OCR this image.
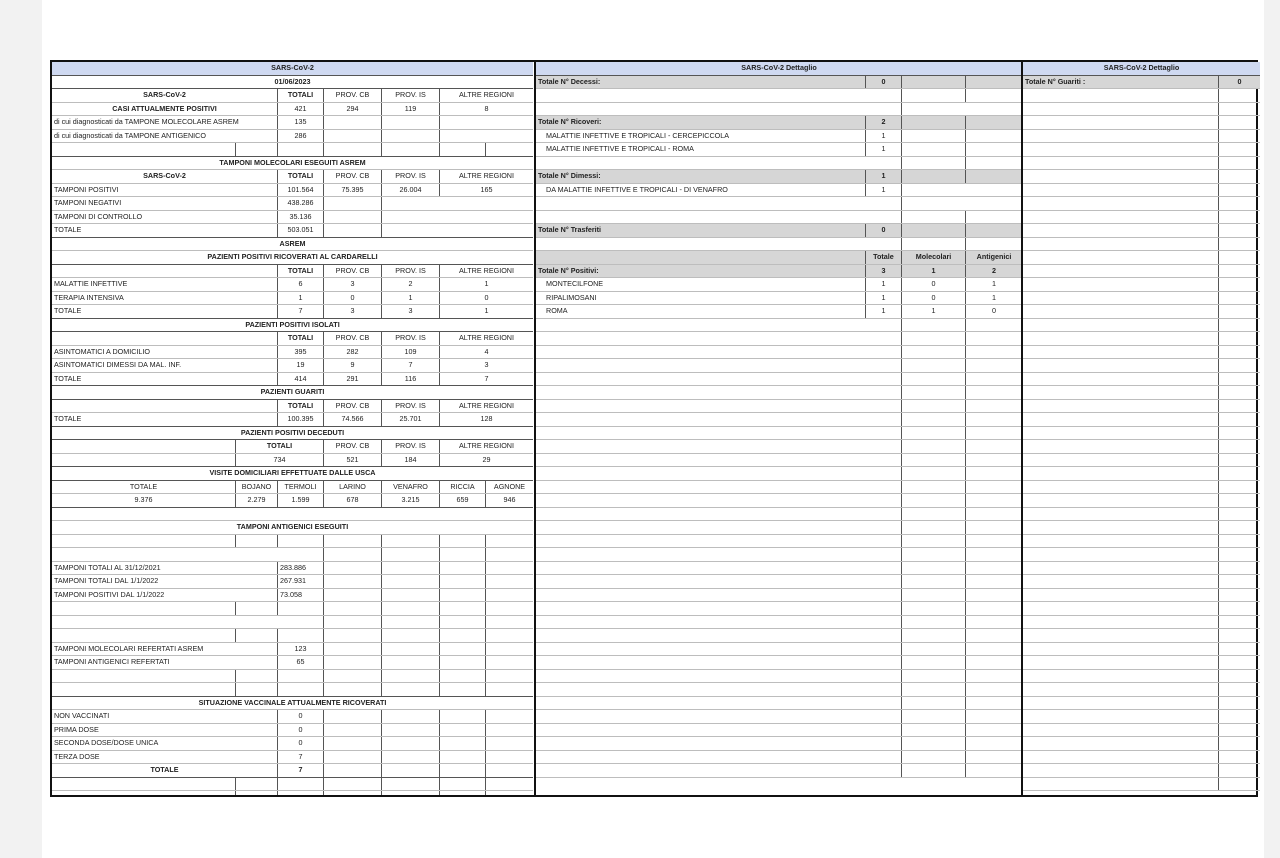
SARS-CoV-2
01/06/2023
SARS-CoV-2	TOTALI	PROV. CB	PROV. IS	ALTRE REGIONI
CASI ATTUALMENTE POSITIVI	421	294	119	8
di cui diagnosticati da TAMPONE MOLECOLARE ASREM	135
di cui diagnosticati da TAMPONE ANTIGENICO	286
TAMPONI MOLECOLARI ESEGUITI ASREM
SARS-CoV-2	TOTALI	PROV. CB	PROV. IS	ALTRE REGIONI
TAMPONI POSITIVI	101.564	75.395	26.004	165
TAMPONI NEGATIVI	438.286
TAMPONI DI CONTROLLO	35.136
TOTALE	503.051
ASREM
PAZIENTI POSITIVI RICOVERATI AL CARDARELLI
TOTALI	PROV. CB	PROV. IS	ALTRE REGIONI
MALATTIE INFETTIVE	6	3	2	1
TERAPIA INTENSIVA	1	0	1	0
TOTALE	7	3	3	1
PAZIENTI POSITIVI ISOLATI
TOTALI	PROV. CB	PROV. IS	ALTRE REGIONI
ASINTOMATICI A DOMICILIO	395	282	109	4
ASINTOMATICI DIMESSI DA MAL. INF.	19	9	7	3
TOTALE	414	291	116	7
PAZIENTI GUARITI
TOTALI	PROV. CB	PROV. IS	ALTRE REGIONI
TOTALE	100.395	74.566	25.701	128
PAZIENTI POSITIVI DECEDUTI
TOTALI	PROV. CB	PROV. IS	ALTRE REGIONI
734	521	184	29
VISITE DOMICILIARI EFFETTUATE DALLE USCA
TOTALE	BOJANO	TERMOLI	LARINO	VENAFRO	RICCIA	AGNONE
9.376	2.279	1.599	678	3.215	659	946
TAMPONI ANTIGENICI ESEGUITI
TAMPONI TOTALI AL 31/12/2021	283.886
TAMPONI TOTALI DAL 1/1/2022	267.931
TAMPONI POSITIVI DAL 1/1/2022	73.058
TAMPONI MOLECOLARI REFERTATI ASREM	123
TAMPONI ANTIGENICI REFERTATI	65
SITUAZIONE VACCINALE ATTUALMENTE RICOVERATI
NON VACCINATI	0
PRIMA DOSE	0
SECONDA DOSE/DOSE UNICA	0
TERZA DOSE	7
TOTALE	7
SARS-CoV-2 Dettaglio
Totale N° Decessi:	0
Totale N° Ricoveri:	2
MALATTIE INFETTIVE E TROPICALI - CERCEPICCOLA	1
MALATTIE INFETTIVE E TROPICALI - ROMA	1
Totale N° Dimessi:	1
DA MALATTIE INFETTIVE E TROPICALI - DI VENAFRO	1
Totale N° Trasferiti	0
Totale	Molecolari	Antigenici
Totale N° Positivi:	3	1	2
MONTECILFONE	1	0	1
RIPALIMOSANI	1	0	1
ROMA	1	1	0
SARS-CoV-2 Dettaglio
Totale N° Guariti :	0
